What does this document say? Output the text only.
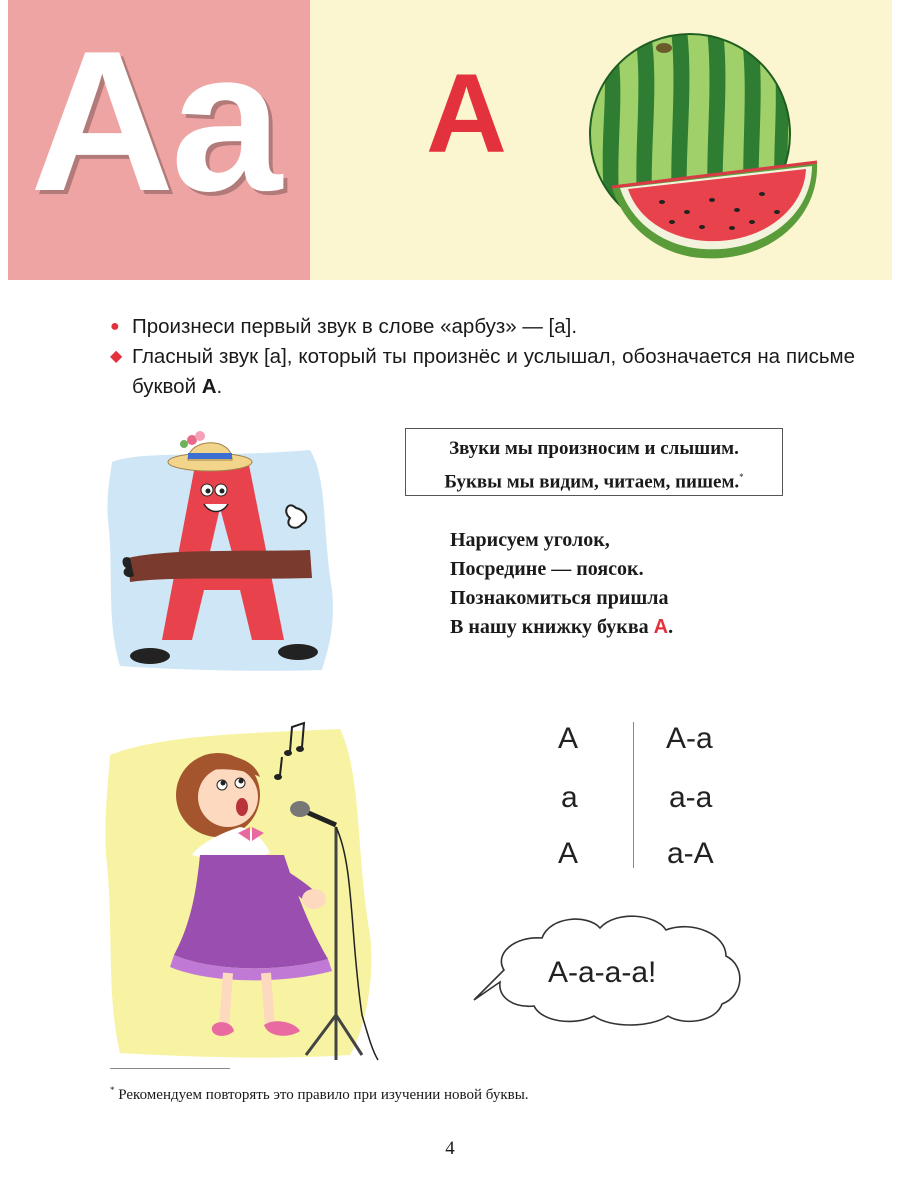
Аа А
● Произнеси первый звук в слове «арбуз» — [а].
◆ Гласный звук [а], который ты произнёс и услышал, обозначается на письме буквой А.
Звуки мы произносим и слышим.
Буквы мы видим, читаем, пишем.*
Нарисуем уголок,
Посредине — поясок.
Познакомиться пришла
В нашу книжку буква А.
А
а
А
А-а
а-а
а-А
А-а-а-а!
* Рекомендуем повторять это правило при изучении новой буквы.
4
